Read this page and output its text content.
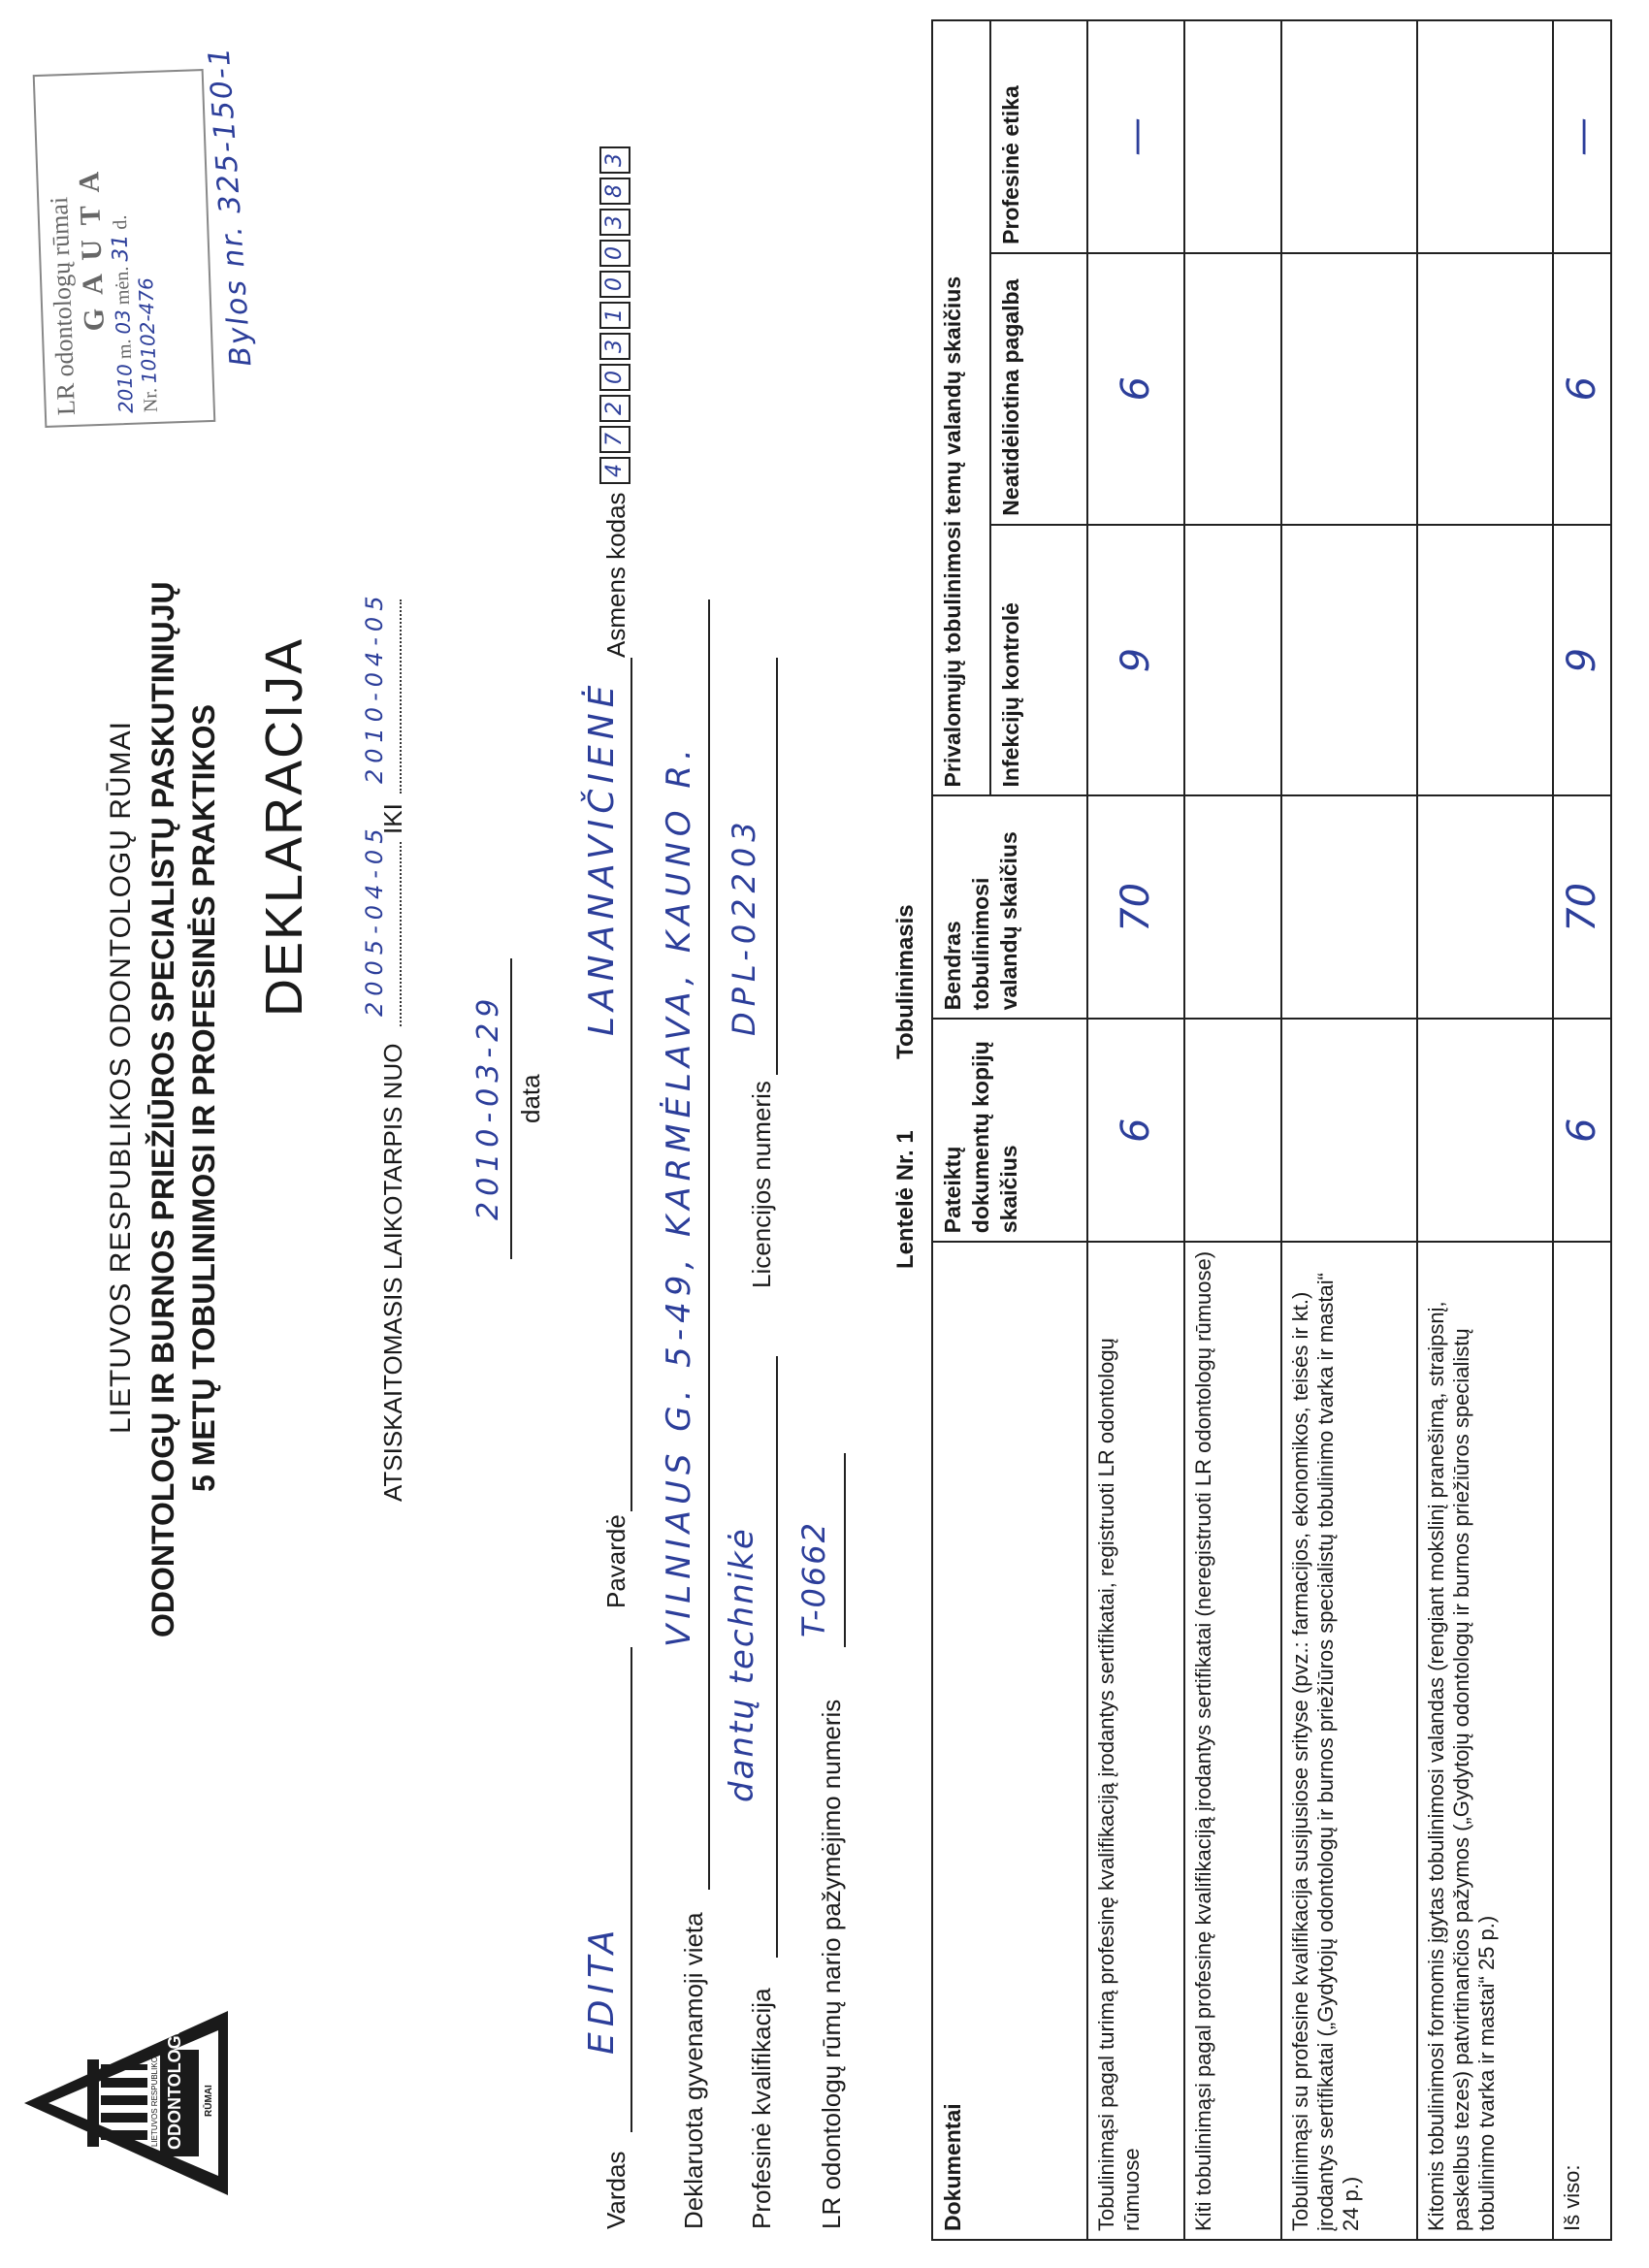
LIETUVOS RESPUBLIKOS ODONTOLOGŲ RŪMAI
LIETUVOS RESPUBLIKOS ODONTOLOGŲ RŪMAI ODONTOLOGŲ IR BURNOS PRIEŽIŪROS SPECIALISTŲ PASKUTINIŲJŲ 5 METŲ TOBULINIMOSI IR PROFESINĖS PRAKTIKOS DEKLARACIJA
ATSISKAITOMASIS LAIKOTARPIS NUO
2005-04-05
IKI
2010-04-05
2010-03-29 data
Vardas
EDITA
Pavardė
LANANAVIČIENĖ
Asmens kodas
47203100383
Deklaruota gyvenamoji vieta
VILNIAUS G. 5-49, KARMĖLAVA, KAUNO R.
Profesinė kvalifikacija
dantų technikė
Licencijos numeris
DPL-02203
LR odontologų rūmų nario pažymėjimo numeris
T-0662
Lentelė Nr. 1  Tobulinimasis
Dokumentai	Pateiktų dokumentų kopijų skaičius	Bendras tobulinimosi valandų skaičius	Privalomųjų tobulinimosi temų valandų skaičius		
			Infekcijų kontrolė	Neatidėliotina pagalba	Profesinė etika
Tobulinimąsi pagal turimą profesinę kvalifikaciją įrodantys sertifikatai, registruoti LR odontologų rūmuose	6	70	9	6	—
Kiti tobulinimąsi pagal profesinę kvalifikaciją įrodantys sertifikatai (neregistruoti LR odontologų rūmuose)					
Tobulinimąsi su profesine kvalifikacija susijusiose srityse (pvz.: farmacijos, ekonomikos, teisės ir kt.) įrodantys sertifikatai („Gydytojų odontologų ir burnos priežiūros specialistų tobulinimo tvarka ir mastai“ 24 p.)					
Kitomis tobulinimosi formomis įgytas tobulinimosi valandas (rengiant mokslinį pranešimą, straipsnį, paskelbus tezes) patvirtinančios pažymos („Gydytojų odontologų ir burnos priežiūros specialistų tobulinimo tvarka ir mastai“ 25 p.)					
Iš viso:	6	70	9	6	—
LR odontologų rūmai
G A U T A
2010 m. 03 mėn. 31 d.
Nr. 10102-476 Bylos nr. 325-150-1
